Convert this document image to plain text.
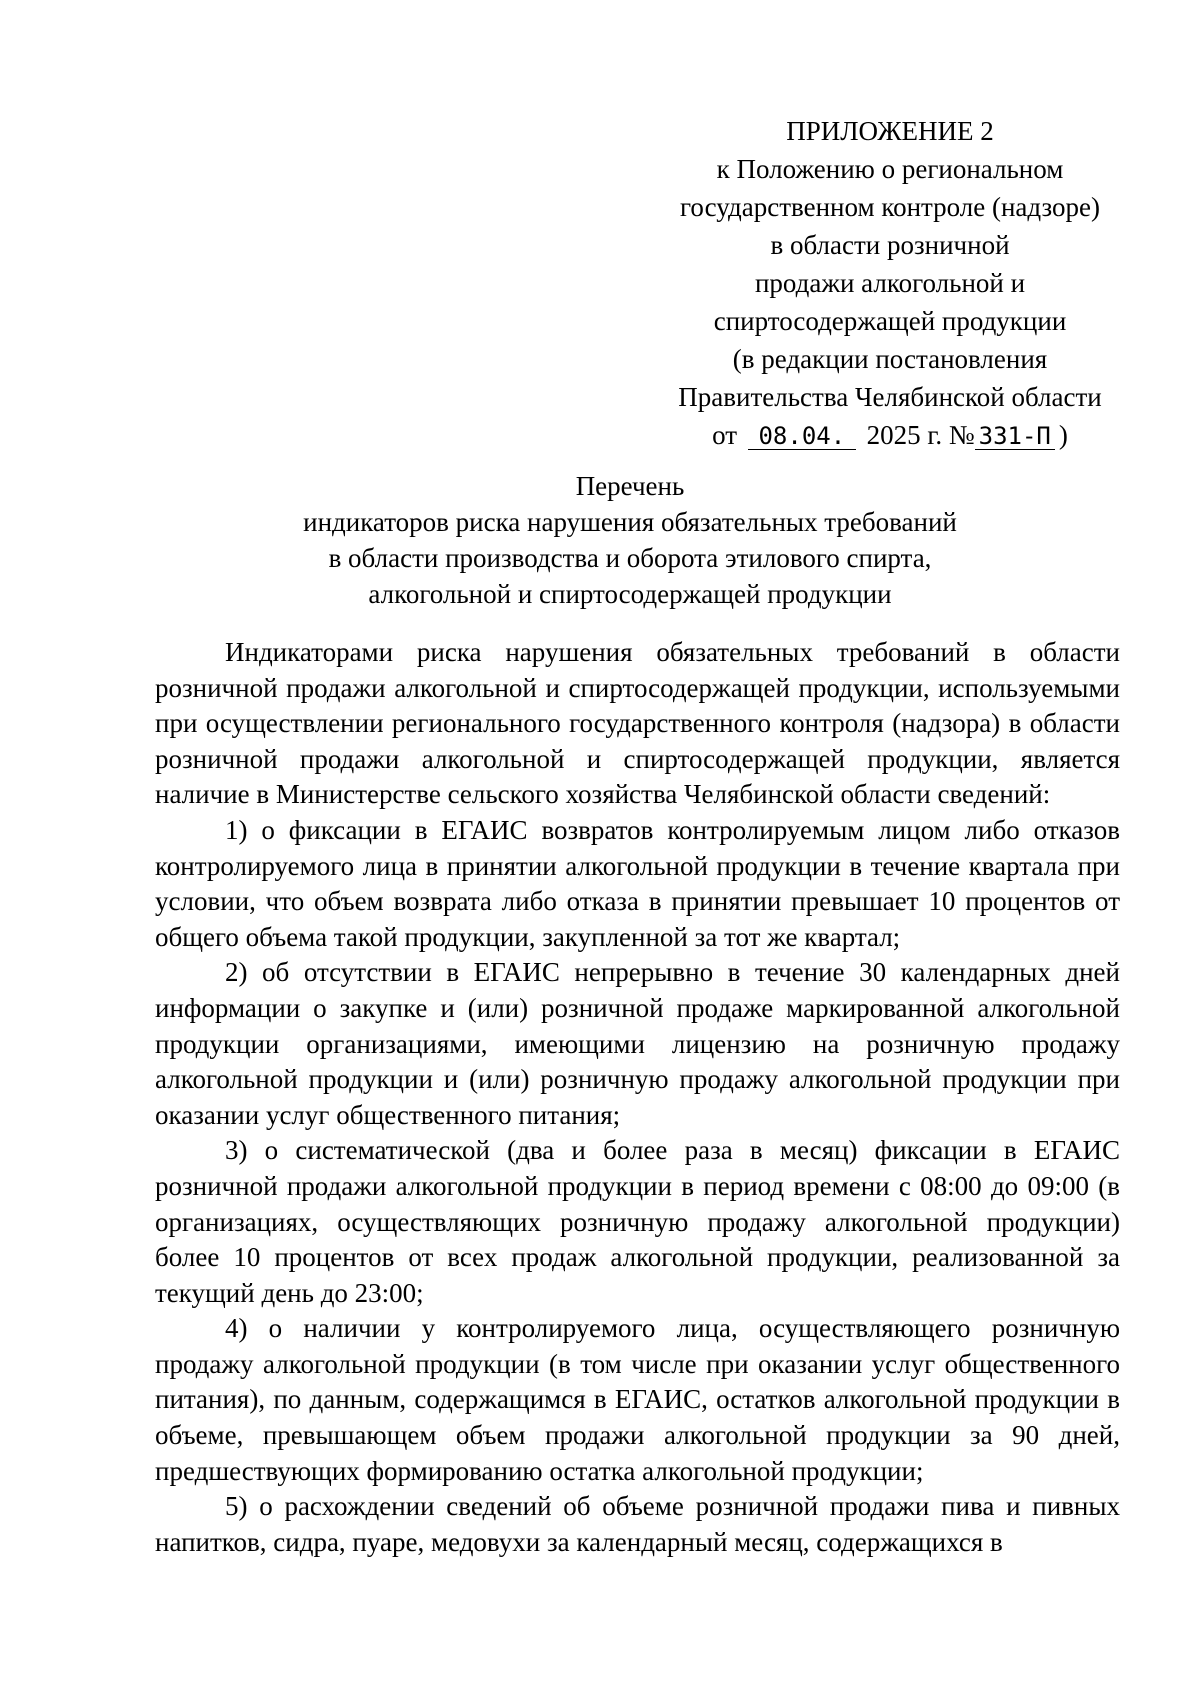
ПРИЛОЖЕНИЕ 2
к Положению о региональном
государственном контроле (надзоре)
в области розничной
продажи алкогольной и
спиртосодержащей продукции
(в редакции постановления
Правительства Челябинской области
от 08.04. 2025 г. № 331-П )
Перечень
индикаторов риска нарушения обязательных требований
в области производства и оборота этилового спирта,
алкогольной и спиртосодержащей продукции

Индикаторами риска нарушения обязательных требований в области розничной продажи алкогольной и спиртосодержащей продукции, используемыми при осуществлении регионального государственного контроля (надзора) в области розничной продажи алкогольной и спиртосодержащей продукции, является наличие в Министерстве сельского хозяйства Челябинской области сведений:

1) о фиксации в ЕГАИС возвратов контролируемым лицом либо отказов контролируемого лица в принятии алкогольной продукции в течение квартала при условии, что объем возврата либо отказа в принятии превышает 10 процентов от общего объема такой продукции, закупленной за тот же квартал;

2) об отсутствии в ЕГАИС непрерывно в течение 30 календарных дней информации о закупке и (или) розничной продаже маркированной алкогольной продукции организациями, имеющими лицензию на розничную продажу алкогольной продукции и (или) розничную продажу алкогольной продукции при оказании услуг общественного питания;

3) о систематической (два и более раза в месяц) фиксации в ЕГАИС розничной продажи алкогольной продукции в период времени с 08:00 до 09:00 (в организациях, осуществляющих розничную продажу алкогольной продукции) более 10 процентов от всех продаж алкогольной продукции, реализованной за текущий день до 23:00;

4) о наличии у контролируемого лица, осуществляющего розничную продажу алкогольной продукции (в том числе при оказании услуг общественного питания), по данным, содержащимся в ЕГАИС, остатков алкогольной продукции в объеме, превышающем объем продажи алкогольной продукции за 90 дней, предшествующих формированию остатка алкогольной продукции;

5) о расхождении сведений об объеме розничной продажи пива и пивных напитков, сидра, пуаре, медовухи за календарный месяц, содержащихся в
